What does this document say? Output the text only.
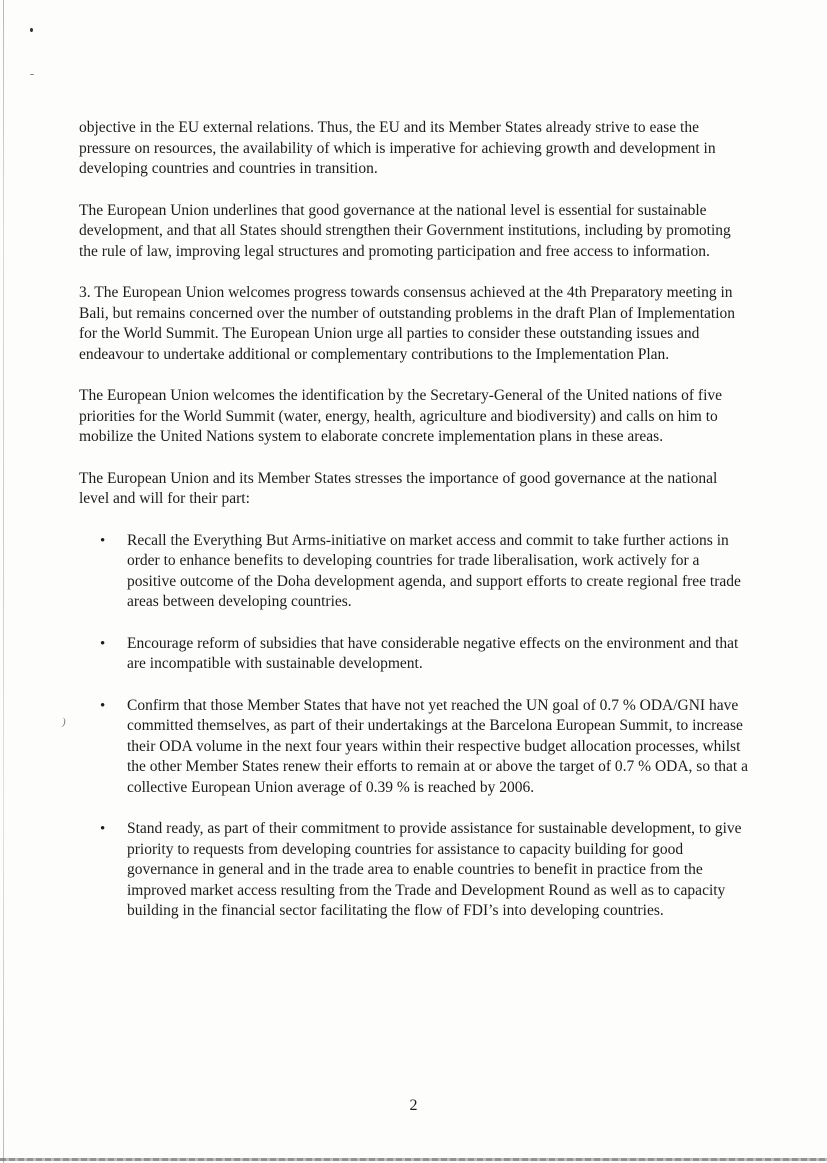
)

objective in the EU external relations. Thus, the EU and its Member States already strive to ease the pressure on resources, the availability of which is imperative for achieving growth and development in developing countries and countries in transition.

The European Union underlines that good governance at the national level is essential for sustainable development, and that all States should strengthen their Government institutions, including by promoting the rule of law, improving legal structures and promoting participation and free access to information.

3. The European Union welcomes progress towards consensus achieved at the 4th Preparatory meeting in Bali, but remains concerned over the number of outstanding problems in the draft Plan of Implementation for the World Summit. The European Union urge all parties to consider these outstanding issues and endeavour to undertake additional or complementary contributions to the Implementation Plan.

The European Union welcomes the identification by the Secretary-General of the United nations of five priorities for the World Summit (water, energy, health, agriculture and biodiversity) and calls on him to mobilize the United Nations system to elaborate concrete implementation plans in these areas.

The European Union and its Member States stresses the importance of good governance at the national level and will for their part:

• Recall the Everything But Arms-initiative on market access and commit to take further actions in order to enhance benefits to developing countries for trade liberalisation, work actively for a positive outcome of the Doha development agenda, and support efforts to create regional free trade areas between developing countries.
• Encourage reform of subsidies that have considerable negative effects on the environment and that are incompatible with sustainable development.
• Confirm that those Member States that have not yet reached the UN goal of 0.7 % ODA/GNI have committed themselves, as part of their undertakings at the Barcelona European Summit, to increase their ODA volume in the next four years within their respective budget allocation processes, whilst the other Member States renew their efforts to remain at or above the target of 0.7 % ODA, so that a collective European Union average of 0.39 % is reached by 2006.
• Stand ready, as part of their commitment to provide assistance for sustainable development, to give priority to requests from developing countries for assistance to capacity building for good governance in general and in the trade area to enable countries to benefit in practice from the improved market access resulting from the Trade and Development Round as well as to capacity building in the financial sector facilitating the flow of FDI’s into developing countries.
2
